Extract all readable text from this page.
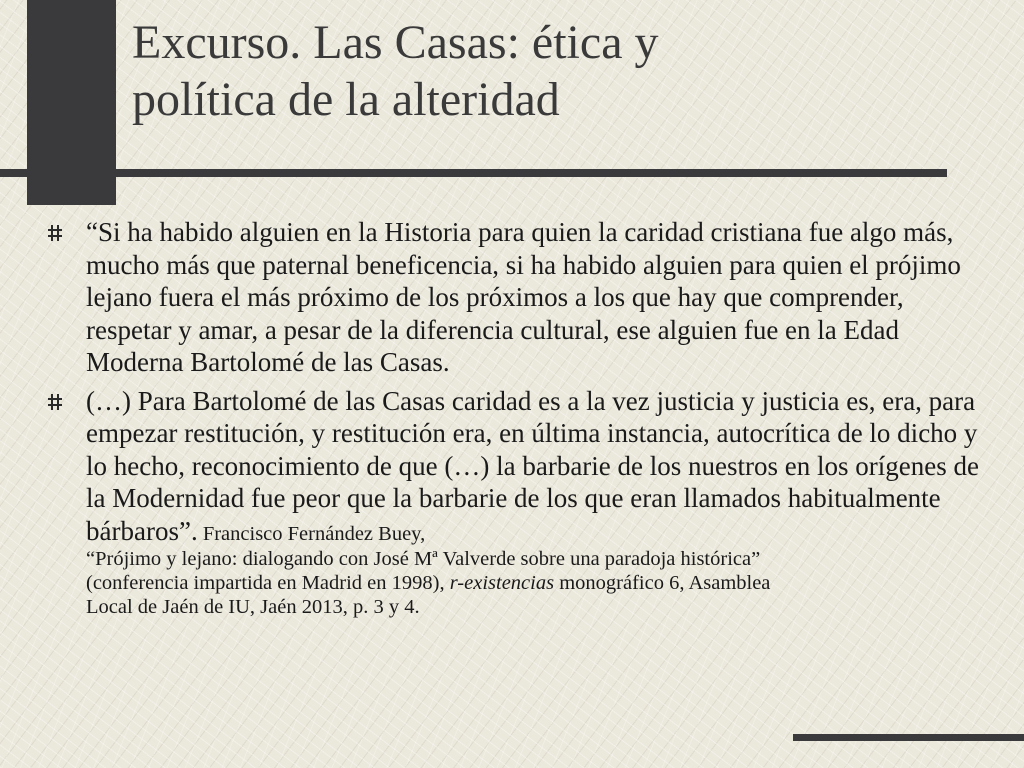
Excurso. Las Casas: ética y
política de la alteridad
“Si ha habido alguien en la Historia para quien la caridad cristiana fue algo más, mucho más que paternal beneficencia, si ha habido alguien para quien el prójimo lejano fuera el más próximo de los próximos a los que hay que comprender, respetar y amar, a pesar de la diferencia cultural, ese alguien fue en la Edad Moderna Bartolomé de las Casas.
(…) Para Bartolomé de las Casas caridad es a la vez justicia y justicia es, era, para empezar restitución, y restitución era, en última instancia, autocrítica de lo dicho y lo hecho, reconocimiento de que (…) la barbarie de los nuestros en los orígenes de la Modernidad fue peor que la barbarie de los que eran llamados habitualmente bárbaros”. Francisco Fernández Buey,
“Prójimo y lejano: dialogando con José Mª Valverde sobre una paradoja histórica”
(conferencia impartida en Madrid en 1998), r-existencias monográfico 6, Asamblea
Local de Jaén de IU, Jaén 2013, p. 3 y 4.
